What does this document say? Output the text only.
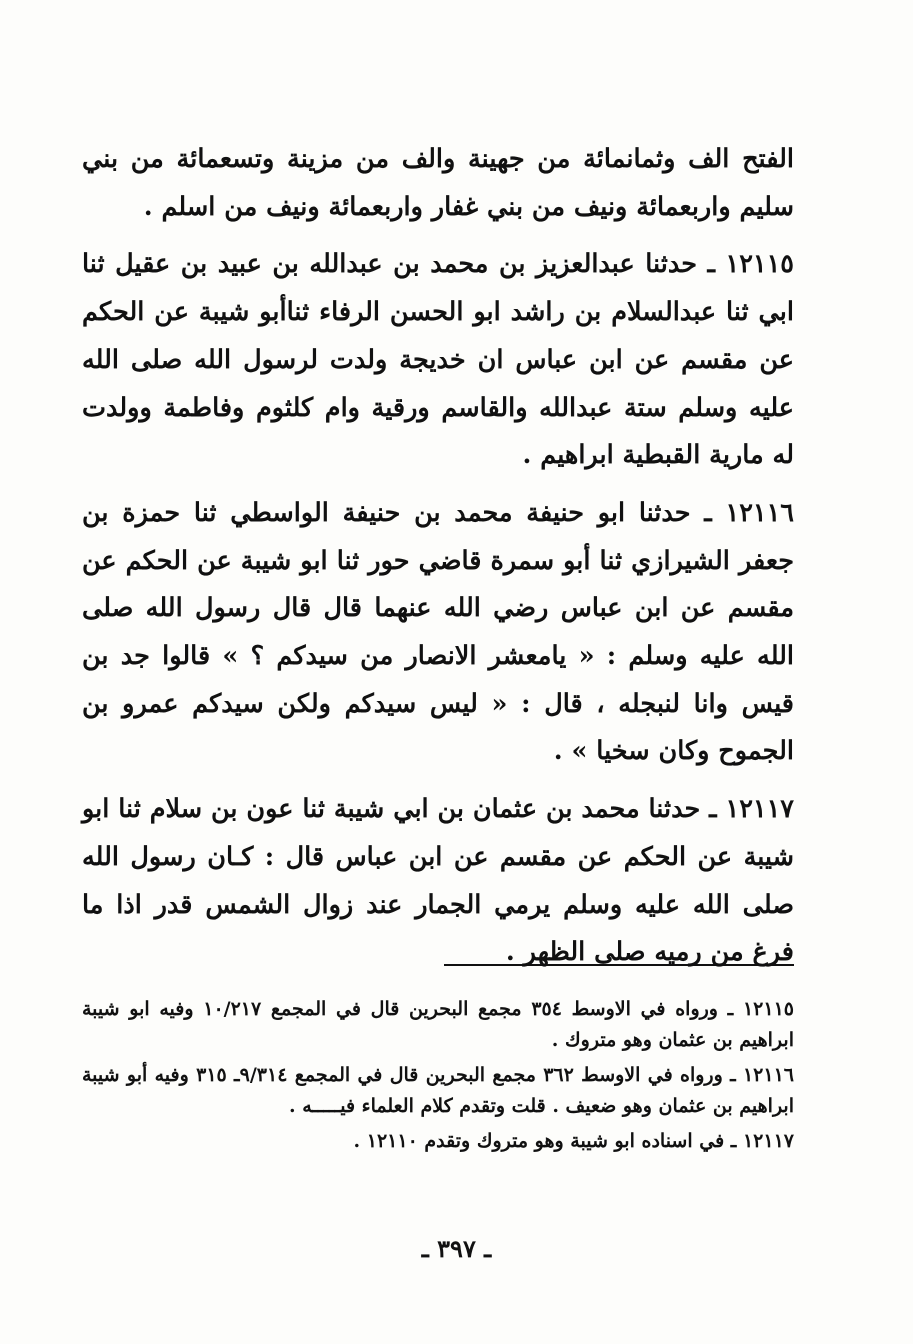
الفتح الف وثمانمائة من جهينة والف من مزينة وتسعمائة من بني سليم واربعمائة ونيف من بني غفار واربعمائة ونيف من اسلم .

١٢١١٥ ـ حدثنا عبدالعزيز بن محمد بن عبدالله بن عبيد بن عقيل ثنا ابي ثنا عبدالسلام بن راشد ابو الحسن الرفاء ثناأبو شيبة عن الحكم عن مقسم عن ابن عباس ان خديجة ولدت لرسول الله صلى الله عليه وسلم ستة عبدالله والقاسم ورقية وام كلثوم وفاطمة وولدت له مارية القبطية ابراهيم .

١٢١١٦ ـ حدثنا ابو حنيفة محمد بن حنيفة الواسطي ثنا حمزة بن جعفر الشيرازي ثنا أبو سمرة قاضي حور ثنا ابو شيبة عن الحكم عن مقسم عن ابن عباس رضي الله عنهما قال قال رسول الله صلى الله عليه وسلم : « يامعشر الانصار من سيدكم ؟ » قالوا جد بن قيس وانا لنبجله ، قال : « ليس سيدكم ولكن سيدكم عمرو بن الجموح وكان سخيا » .

١٢١١٧ ـ حدثنا محمد بن عثمان بن ابي شيبة ثنا عون بن سلام ثنا ابو شيبة عن الحكم عن مقسم عن ابن عباس قال : كـان رسول الله صلى الله عليه وسلم يرمي الجمار عند زوال الشمس قدر اذا ما فرغ من رميه صلى الظهر .

١٢١١٥ ـ ورواه في الاوسط ٣٥٤ مجمع البحرين قال في المجمع ١٠/٢١٧ وفيه ابو شيبة ابراهيم بن عثمان وهو متروك .

١٢١١٦ ـ ورواه في الاوسط ٣٦٢ مجمع البحرين قال في المجمع ٩/٣١٤ـ ٣١٥ وفيه أبو شيبة ابراهيم بن عثمان وهو ضعيف . قلت وتقدم كلام العلماء فيـــــه .

١٢١١٧ ـ في اسناده ابو شيبة وهو متروك وتقدم ١٢١١٠ .

ـ ٣٩٧ ـ
